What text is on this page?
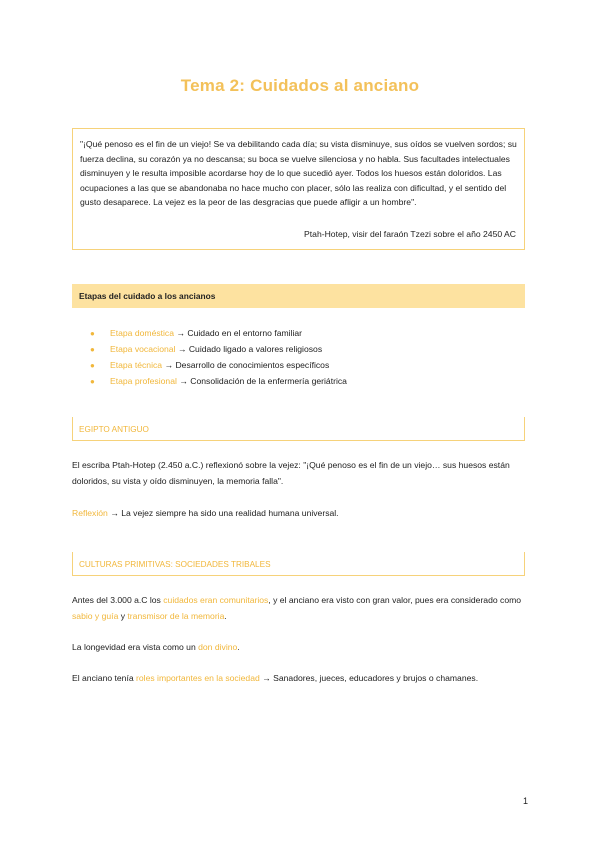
Tema 2: Cuidados al anciano
"¡Qué penoso es el fin de un viejo! Se va debilitando cada día; su vista disminuye, sus oídos se vuelven sordos; su fuerza declina, su corazón ya no descansa; su boca se vuelve silenciosa y no habla. Sus facultades intelectuales disminuyen y le resulta imposible acordarse hoy de lo que sucedió ayer. Todos los huesos están doloridos. Las ocupaciones a las que se abandonaba no hace mucho con placer, sólo las realiza con dificultad, y el sentido del gusto desaparece. La vejez es la peor de las desgracias que puede afligir a un hombre".
Ptah-Hotep, visir del faraón Tzezi sobre el año 2450 AC
Etapas del cuidado a los ancianos
● Etapa doméstica → Cuidado en el entorno familiar
● Etapa vocacional → Cuidado ligado a valores religiosos
● Etapa técnica → Desarrollo de conocimientos específicos
● Etapa profesional → Consolidación de la enfermería geriátrica
EGIPTO ANTIGUO
El escriba Ptah-Hotep (2.450 a.C.) reflexionó sobre la vejez: "¡Qué penoso es el fin de un viejo… sus huesos están doloridos, su vista y oído disminuyen, la memoria falla".
Reflexión → La vejez siempre ha sido una realidad humana universal.
CULTURAS PRIMITIVAS: SOCIEDADES TRIBALES
Antes del 3.000 a.C los cuidados eran comunitarios, y el anciano era visto con gran valor, pues era considerado como sabio y guía y transmisor de la memoria.
La longevidad era vista como un don divino.
El anciano tenía roles importantes en la sociedad → Sanadores, jueces, educadores y brujos o chamanes.
1
